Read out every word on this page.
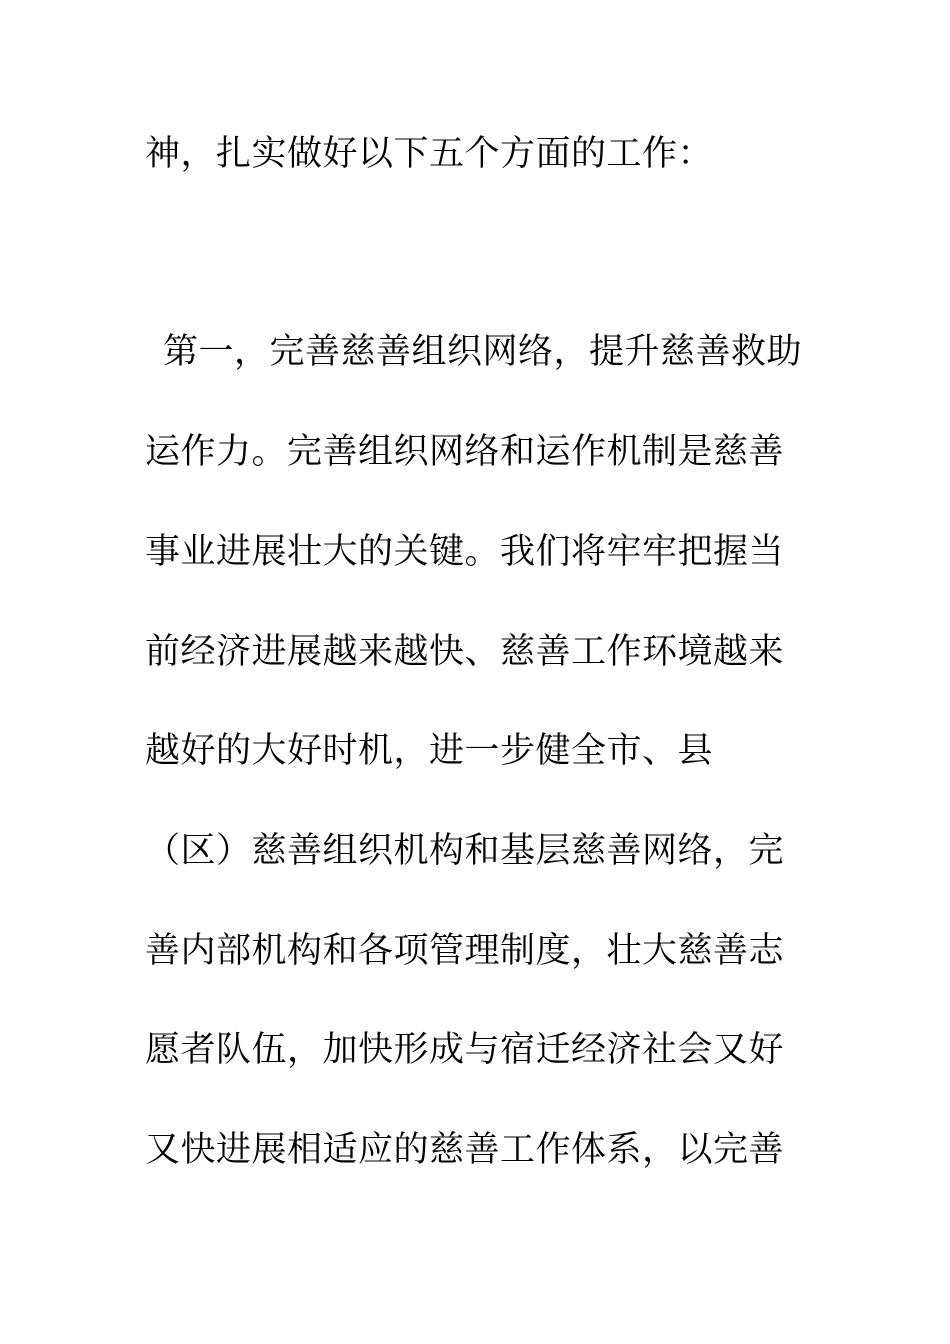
神，扎实做好以下五个方面的工作：
第一，完善慈善组织网络，提升慈善救助
运作力。完善组织网络和运作机制是慈善
事业进展壮大的关键。我们将牢牢把握当
前经济进展越来越快、慈善工作环境越来
越好的大好时机，进一步健全市、县
（区）慈善组织机构和基层慈善网络，完
善内部机构和各项管理制度，壮大慈善志
愿者队伍，加快形成与宿迁经济社会又好
又快进展相适应的慈善工作体系，以完善
